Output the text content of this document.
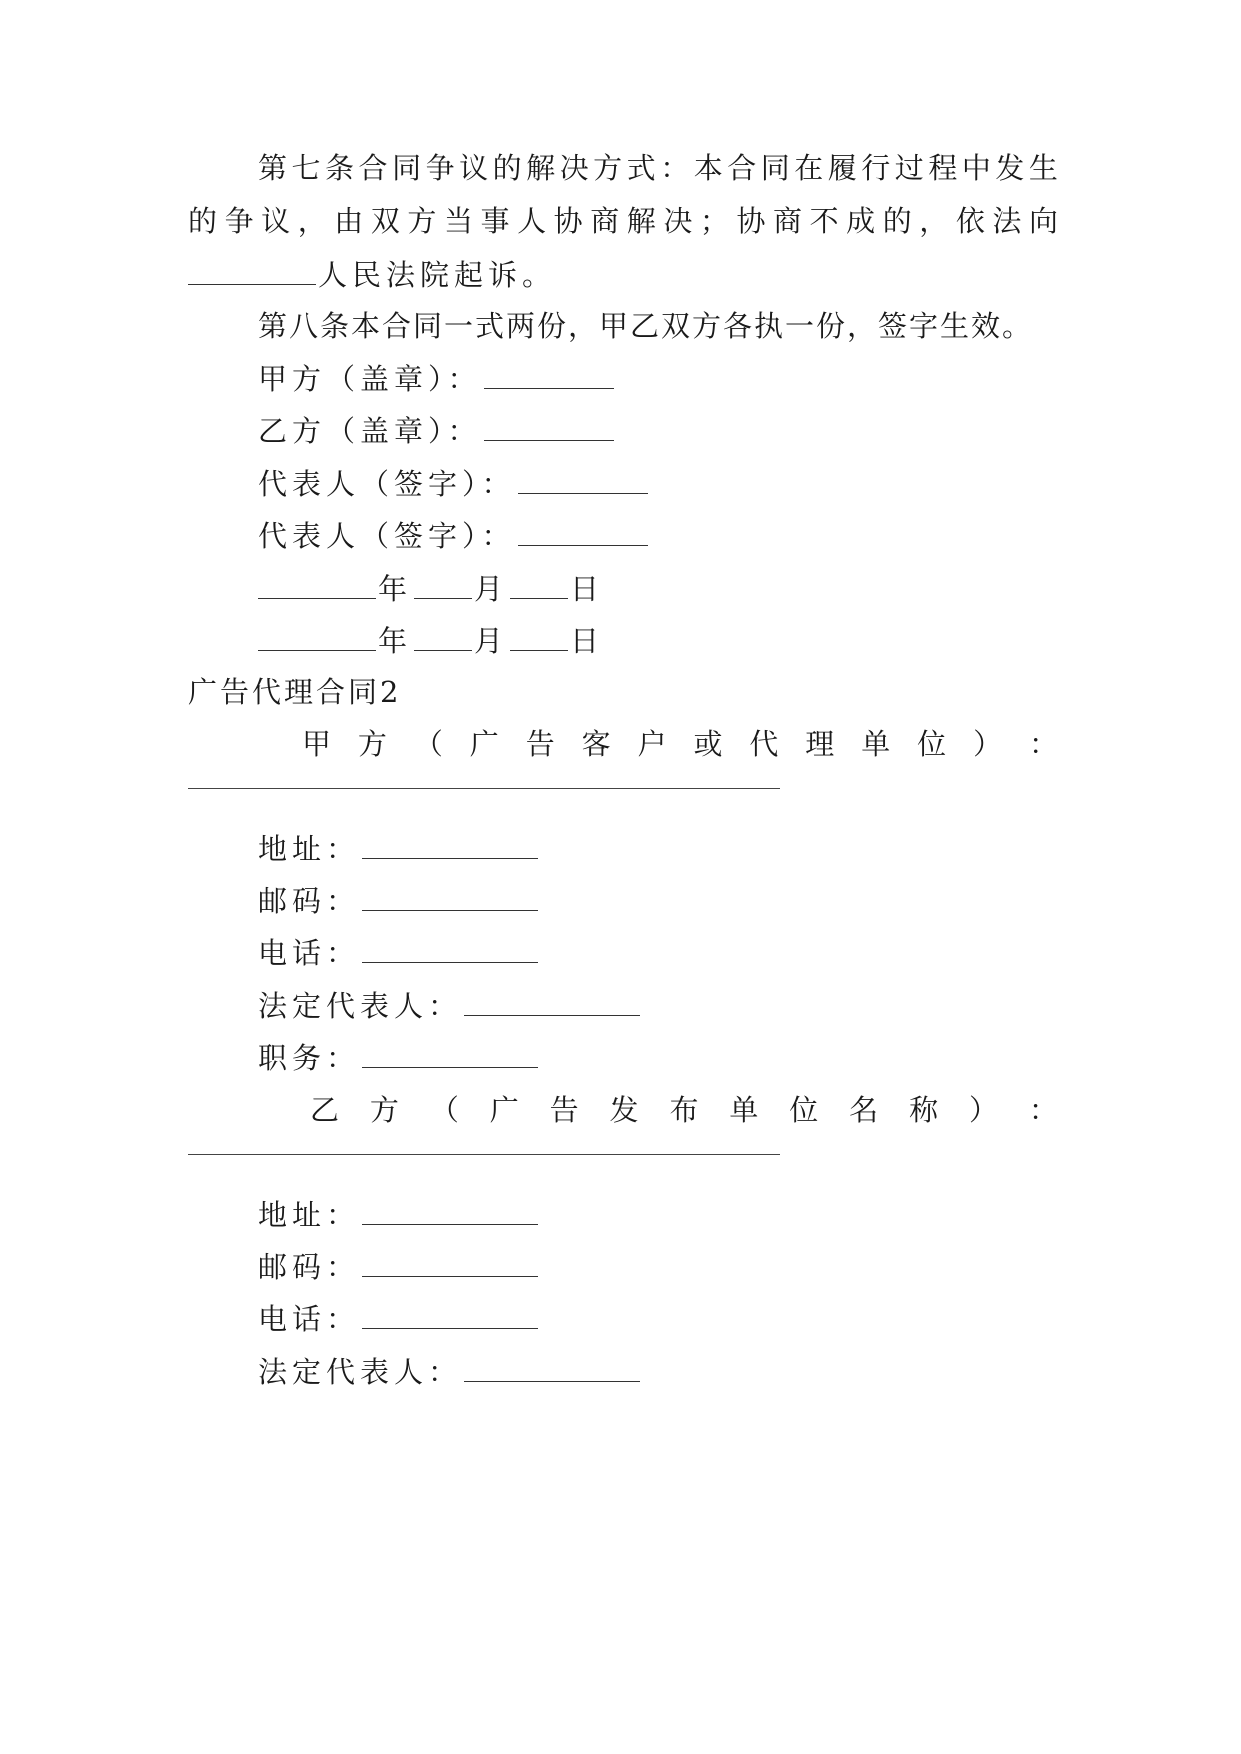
第 七 条 合 同 争 议 的 解 决 方 式 ： 本 合 同 在 履 行 过 程 中 发 生
的 争 议 ， 由 双 方 当 事 人 协 商 解 决 ； 协 商 不 成 的 ， 依 法 向
人民法院起诉。
第八条本合同一式两份，甲乙双方各执一份，签字生效。
甲方（盖章）：
乙方（盖章）：
代表人（签字）：
代表人（签字）：
年 月 日
年 月 日
广告代理合同2
甲 方 （ 广 告 客 户 或 代 理 单 位 ） ：
地址：
邮码：
电话：
法定代表人：
职务：
乙 方 （ 广 告 发 布 单 位 名 称 ） ：
地址：
邮码：
电话：
法定代表人：
